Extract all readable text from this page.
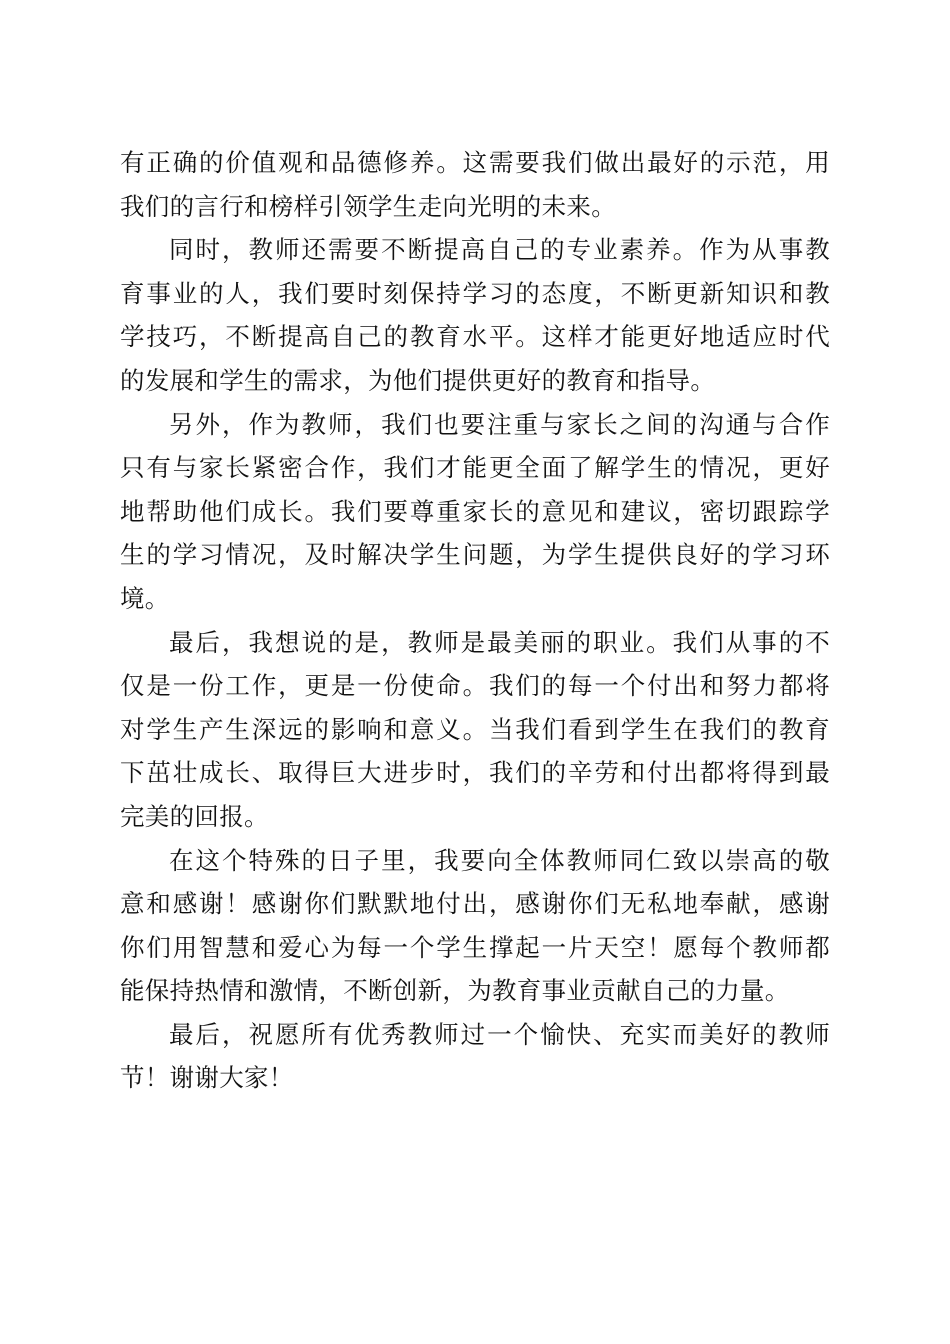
有正确的价值观和品德修养。这需要我们做出最好的示范，用
我们的言行和榜样引领学生走向光明的未来。
同时，教师还需要不断提高自己的专业素养。作为从事教
育事业的人，我们要时刻保持学习的态度，不断更新知识和教
学技巧，不断提高自己的教育水平。这样才能更好地适应时代
的发展和学生的需求，为他们提供更好的教育和指导。
另外，作为教师，我们也要注重与家长之间的沟通与合作
只有与家长紧密合作，我们才能更全面了解学生的情况，更好
地帮助他们成长。我们要尊重家长的意见和建议，密切跟踪学
生的学习情况，及时解决学生问题，为学生提供良好的学习环
境。
最后，我想说的是，教师是最美丽的职业。我们从事的不
仅是一份工作，更是一份使命。我们的每一个付出和努力都将
对学生产生深远的影响和意义。当我们看到学生在我们的教育
下茁壮成长、取得巨大进步时，我们的辛劳和付出都将得到最
完美的回报。
在这个特殊的日子里，我要向全体教师同仁致以崇高的敬
意和感谢！感谢你们默默地付出，感谢你们无私地奉献，感谢
你们用智慧和爱心为每一个学生撑起一片天空！愿每个教师都
能保持热情和激情，不断创新，为教育事业贡献自己的力量。
最后，祝愿所有优秀教师过一个愉快、充实而美好的教师
节！谢谢大家！
